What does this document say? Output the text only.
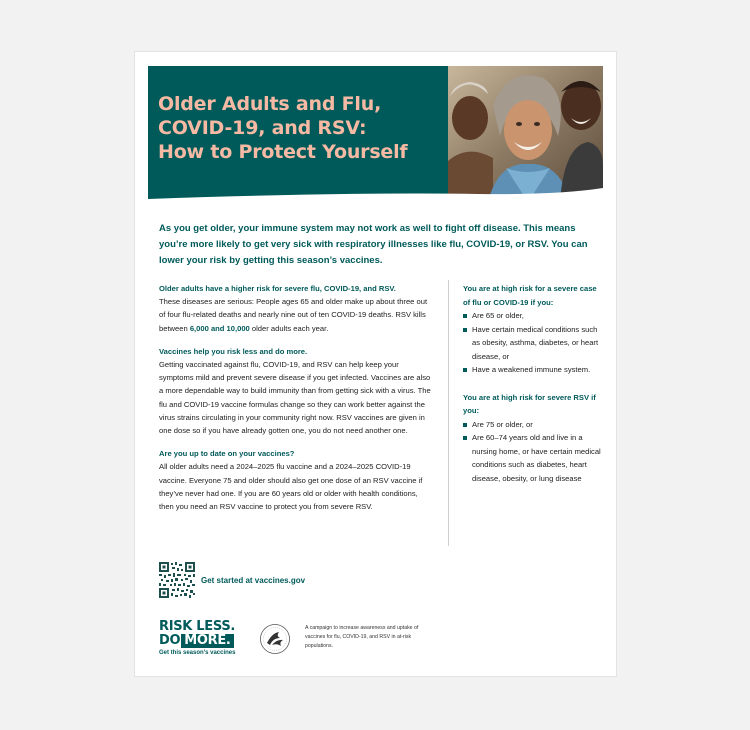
Older Adults and Flu,
COVID-19, and RSV:
How to Protect Yourself
As you get older, your immune system may not work as well to fight off disease. This means you’re more likely to get very sick with respiratory illnesses like flu, COVID-19, or RSV. You can lower your risk by getting this season’s vaccines.
Older adults have a higher risk for severe flu, COVID-19, and RSV.
These diseases are serious: People ages 65 and older make up about three out of four flu-related deaths and nearly nine out of ten COVID-19 deaths. RSV kills between 6,000 and 10,000 older adults each year.
Vaccines help you risk less and do more.
Getting vaccinated against flu, COVID-19, and RSV can help keep your symptoms mild and prevent severe disease if you get infected. Vaccines are also a more dependable way to build immunity than from getting sick with a virus. The flu and COVID-19 vaccine formulas change so they can work better against the virus strains circulating in your community right now. RSV vaccines are given in one dose so if you have already gotten one, you do not need another one.
Are you up to date on your vaccines?
All older adults need a 2024–2025 flu vaccine and a 2024–2025 COVID-19 vaccine. Everyone 75 and older should also get one dose of an RSV vaccine if they’ve never had one. If you are 60 years old or older with health conditions, then you need an RSV vaccine to protect you from severe RSV.
You are at high risk for a severe case of flu or COVID-19 if you:
Are 65 or older,
Have certain medical conditions such as obesity, asthma, diabetes, or heart disease, or
Have a weakened immune system.
You are at high risk for severe RSV if you:
Are 75 or older, or
Are 60–74 years old and live in a nursing home, or have certain medical conditions such as diabetes, heart disease, obesity, or lung disease
Get started at vaccines.gov
RISK LESS.
DO MORE.
Get this season’s vaccines
A campaign to increase awareness and uptake of vaccines for flu, COVID-19, and RSV in at-risk populations.
